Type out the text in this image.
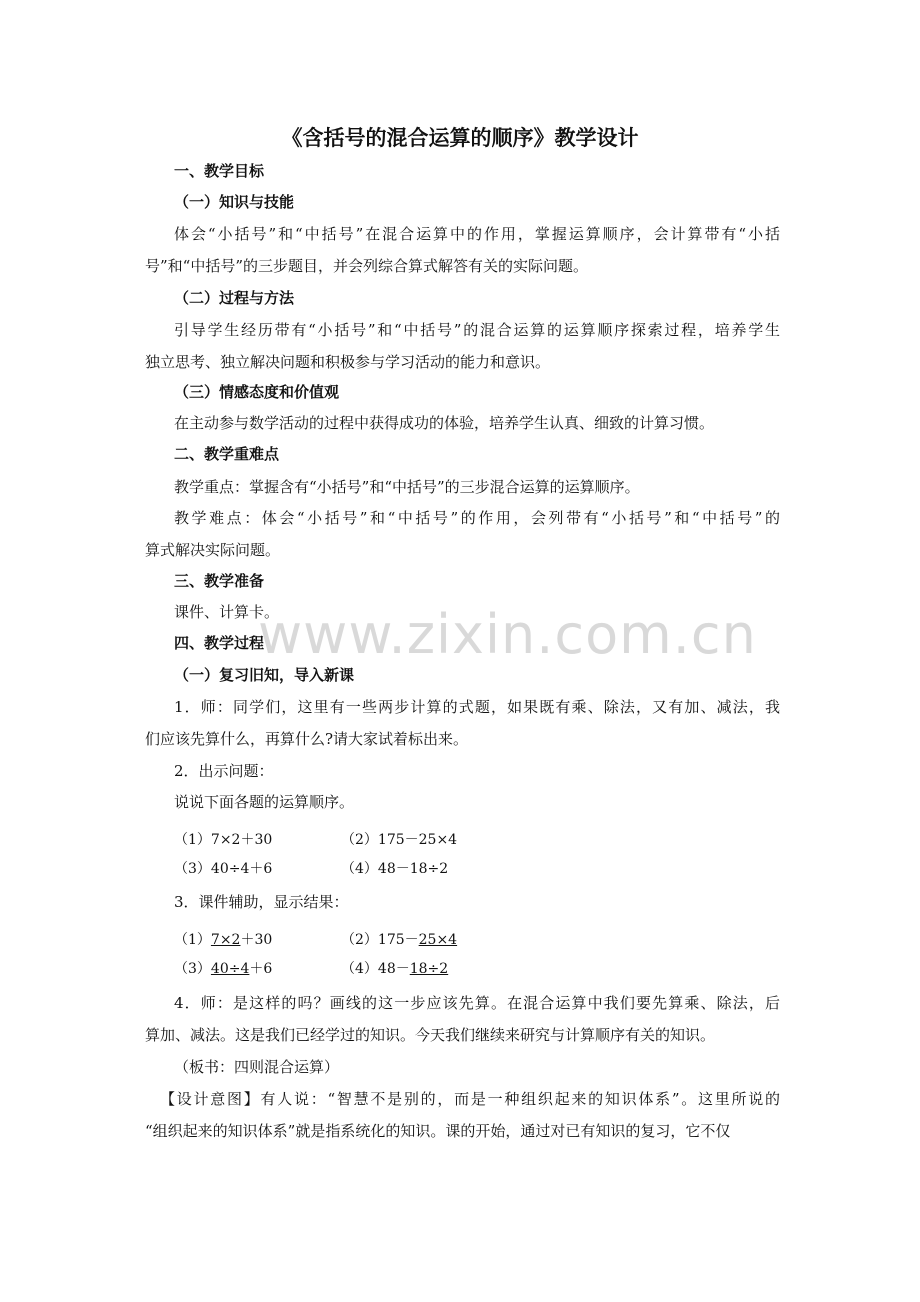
www.zixin.com.cn
《含括号的混合运算的顺序》教学设计
一、教学目标
（一）知识与技能
体会“小括号”和“中括号”在混合运算中的作用，掌握运算顺序，会计算带有“小括
号”和“中括号”的三步题目，并会列综合算式解答有关的实际问题。
（二）过程与方法
引导学生经历带有“小括号”和“中括号”的混合运算的运算顺序探索过程，培养学生
独立思考、独立解决问题和积极参与学习活动的能力和意识。
（三）情感态度和价值观
在主动参与数学活动的过程中获得成功的体验，培养学生认真、细致的计算习惯。
二、教学重难点
教学重点：掌握含有“小括号”和“中括号”的三步混合运算的运算顺序。
教学难点：体会“小括号”和“中括号”的作用，会列带有“小括号”和“中括号”的
算式解决实际问题。
三、教学准备
课件、计算卡。
四、教学过程
（一）复习旧知，导入新课
1．师：同学们，这里有一些两步计算的式题，如果既有乘、除法，又有加、减法，我
们应该先算什么，再算什么?请大家试着标出来。
2．出示问题：
说说下面各题的运算顺序。
（1）7×2＋30	（2）175－25×4
（3）40÷4＋6	（4）48－18÷2
3．课件辅助，显示结果：
（1）7×2＋30	（2）175－25×4
（3）40÷4＋6	（4）48－18÷2
4．师：是这样的吗？画线的这一步应该先算。在混合运算中我们要先算乘、除法，后
算加、减法。这是我们已经学过的知识。今天我们继续来研究与计算顺序有关的知识。
（板书：四则混合运算）
【设计意图】有人说：“智慧不是别的，而是一种组织起来的知识体系”。这里所说的
“组织起来的知识体系”就是指系统化的知识。课的开始，通过对已有知识的复习，它不仅
